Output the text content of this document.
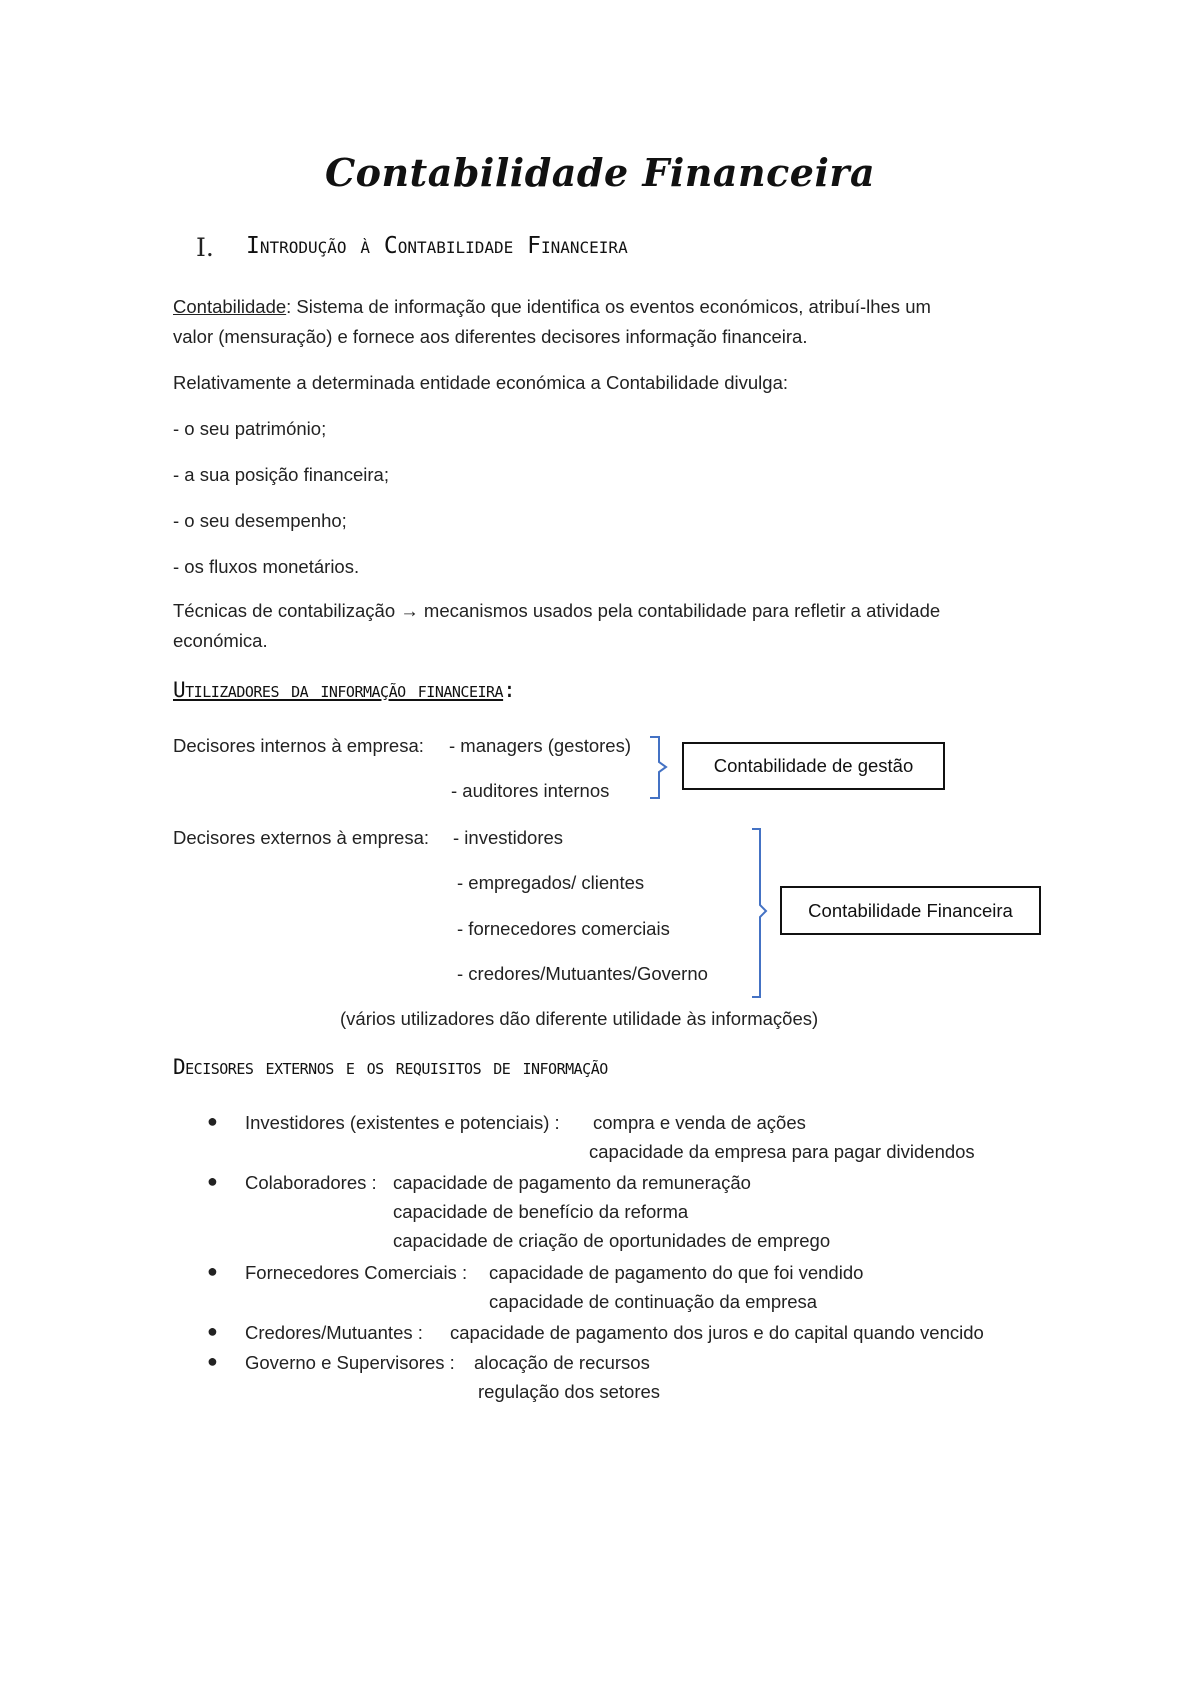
Contabilidade Financeira
I. Introdução à Contabilidade Financeira
Contabilidade: Sistema de informação que identifica os eventos económicos, atribuí-lhes um
valor (mensuração) e fornece aos diferentes decisores informação financeira.
Relativamente a determinada entidade económica a Contabilidade divulga:
- o seu património;
- a sua posição financeira;
- o seu desempenho;
- os fluxos monetários.
Técnicas de contabilização → mecanismos usados pela contabilidade para refletir a atividade
económica.
Utilizadores da informação financeira:
Decisores internos à empresa: - managers (gestores)
- auditores internos
Contabilidade de gestão
Decisores externos à empresa: - investidores
- empregados/ clientes
- fornecedores comerciais
- credores/Mutuantes/Governo
Contabilidade Financeira
(vários utilizadores dão diferente utilidade às informações)
Decisores externos e os requisitos de informação
● Investidores (existentes e potenciais) : compra e venda de ações
capacidade da empresa para pagar dividendos
● Colaboradores : capacidade de pagamento da remuneração
capacidade de benefício da reforma
capacidade de criação de oportunidades de emprego
● Fornecedores Comerciais : capacidade de pagamento do que foi vendido
capacidade de continuação da empresa
● Credores/Mutuantes : capacidade de pagamento dos juros e do capital quando vencido
● Governo e Supervisores : alocação de recursos
regulação dos setores
